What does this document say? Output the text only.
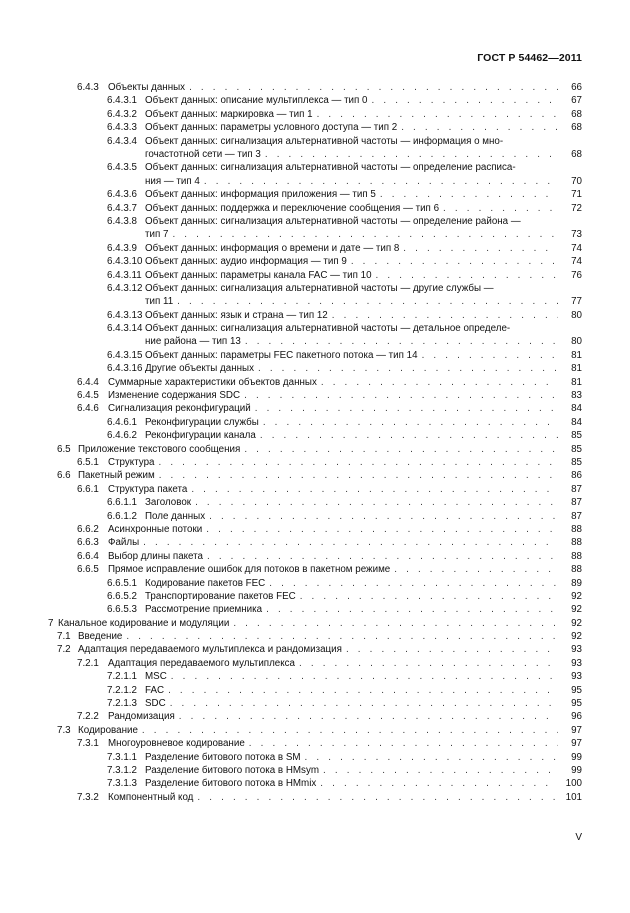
ГОСТ Р 54462—2011
6.4.3 Объекты данных . . .	66
6.4.3.1 Объект данных: описание мультиплекса — тип 0 . . .	67
6.4.3.2 Объект данных: маркировка — тип 1 . . .	68
6.4.3.3 Объект данных: параметры условного доступа — тип 2 . . .	68
6.4.3.4 Объект данных: сигнализация альтернативной частоты — информация о мно-
гочастотной сети — тип 3 . . .	68
6.4.3.5 Объект данных: сигнализация альтернативной частоты — определение расписа-
ния — тип 4 . . .	70
6.4.3.6 Объект данных: информация приложения — тип 5 . . .	71
6.4.3.7 Объект данных: поддержка и переключение сообщения — тип 6 . . .	72
6.4.3.8 Объект данных: сигнализация альтернативной частоты — определение района —
тип 7 . . .	73
6.4.3.9 Объект данных: информация о времени и дате — тип 8 . . .	74
6.4.3.10 Объект данных: аудио информация — тип 9 . . .	74
6.4.3.11 Объект данных: параметры канала FAC — тип 10 . . .	76
6.4.3.12 Объект данных: сигнализация альтернативной частоты — другие службы —
тип 11 . . .	77
6.4.3.13 Объект данных: язык и страна — тип 12 . . .	80
6.4.3.14 Объект данных: сигнализация альтернативной частоты — детальное определе-
ние района — тип 13 . . .	80
6.4.3.15 Объект данных: параметры FEC пакетного потока — тип 14 . . .	81
6.4.3.16 Другие объекты данных . . .	81
6.4.4 Суммарные характеристики объектов данных . . .	81
6.4.5 Изменение содержания SDC . . .	83
6.4.6 Сигнализация реконфигураций . . .	84
6.4.6.1 Реконфигурации службы . . .	84
6.4.6.2 Реконфигурации канала . . .	85
6.5 Приложение текстового сообщения . . .	85
6.5.1 Структура . . .	85
6.6 Пакетный режим . . .	86
6.6.1 Структура пакета . . .	87
6.6.1.1 Заголовок . . .	87
6.6.1.2 Поле данных . . .	87
6.6.2 Асинхронные потоки . . .	88
6.6.3 Файлы . . .	88
6.6.4 Выбор длины пакета . . .	88
6.6.5 Прямое исправление ошибок для потоков в пакетном режиме . . .	88
6.6.5.1 Кодирование пакетов FEC . . .	89
6.6.5.2 Транспортирование пакетов FEC . . .	92
6.6.5.3 Рассмотрение приемника . . .	92
7 Канальное кодирование и модуляции . . .	92
7.1 Введение . . .	92
7.2 Адаптация передаваемого мультиплекса и рандомизация . . .	93
7.2.1 Адаптация передаваемого мультиплекса . . .	93
7.2.1.1 MSC . . .	93
7.2.1.2 FAC . . .	95
7.2.1.3 SDC . . .	95
7.2.2 Рандомизация . . .	96
7.3 Кодирование . . .	97
7.3.1 Многоуровневое кодирование . . .	97
7.3.1.1 Разделение битового потока в SM . . .	99
7.3.1.2 Разделение битового потока в HMsym . . .	99
7.3.1.3 Разделение битового потока в HMmix . . .	100
7.3.2 Компонентный код . . .	101
V
